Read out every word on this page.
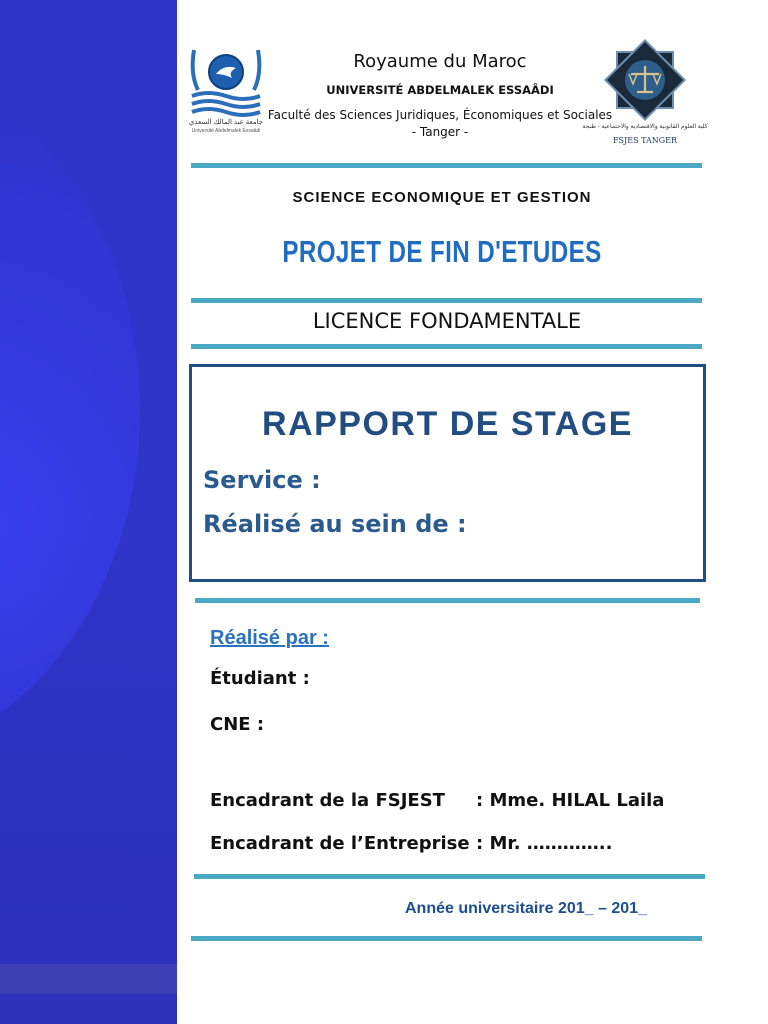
جامعة عبد المالك السعدي
Université Abdelmalek Essaâdi
كلية العلوم القانونية والاقتصادية والاجتماعية - طنجة
FSJES TANGER
Royaume du Maroc
UNIVERSITÉ ABDELMALEK ESSAÂDI
Faculté des Sciences Juridiques, Économiques et Sociales
- Tanger -
SCIENCE ECONOMIQUE ET GESTION
PROJET DE FIN D'ETUDES
LICENCE FONDAMENTALE
RAPPORT DE STAGE
Service :
Réalisé au sein de :
Réalisé par :
Étudiant :
CNE :
Encadrant de la FSJEST : Mme. HILAL Laila
Encadrant de l’Entreprise : Mr. …………..
Année universitaire 201_ – 201_
